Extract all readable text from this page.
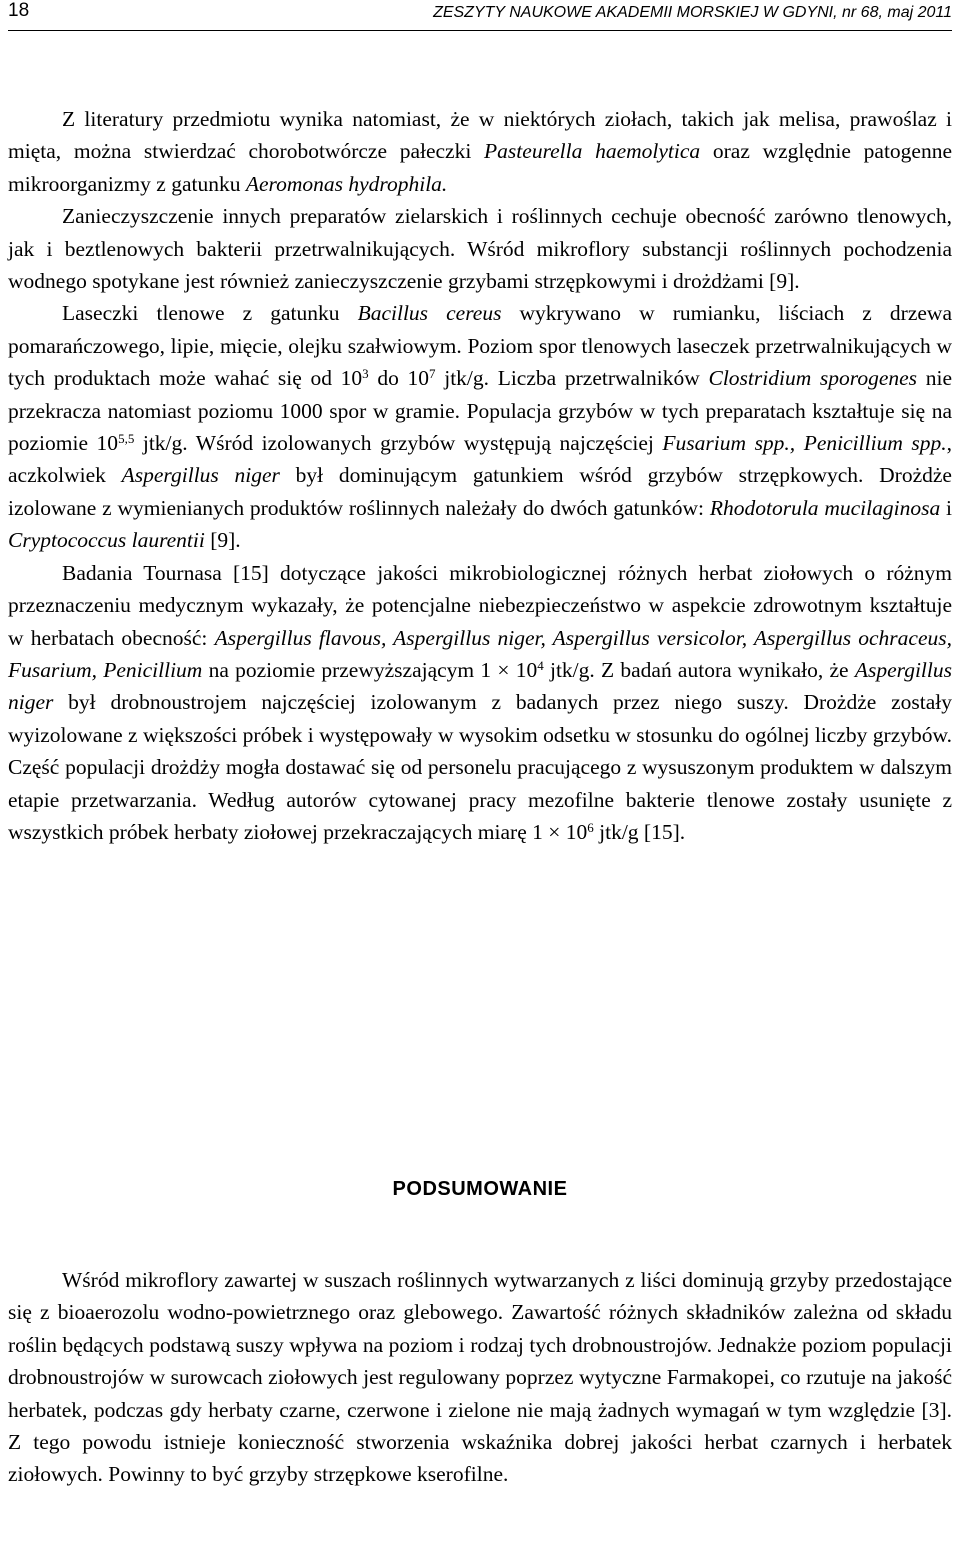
18	ZESZYTY NAUKOWE AKADEMII MORSKIEJ W GDYNI, nr 68, maj 2011

Z literatury przedmiotu wynika natomiast, że w niektórych ziołach, takich jak melisa, prawoślaz i mięta, można stwierdzać chorobotwórcze pałeczki Pasteurella haemolytica oraz względnie patogenne mikroorganizmy z gatunku Aeromonas hydrophila.

Zanieczyszczenie innych preparatów zielarskich i roślinnych cechuje obecność zarówno tlenowych, jak i beztlenowych bakterii przetrwalnikujących. Wśród mikroflory substancji roślinnych pochodzenia wodnego spotykane jest również zanieczyszczenie grzybami strzępkowymi i drożdżami [9].

Laseczki tlenowe z gatunku Bacillus cereus wykrywano w rumianku, liściach z drzewa pomarańczowego, lipie, mięcie, olejku szałwiowym. Poziom spor tlenowych laseczek przetrwalnikujących w tych produktach może wahać się od $10^3$ do $10^7$ jtk/g. Liczba przetrwalników Clostridium sporogenes nie przekracza natomiast poziomu 1000 spor w gramie. Populacja grzybów w tych preparatach kształtuje się na poziomie 10$^{5,5}$ jtk/g. Wśród izolowanych grzybów występują najczęściej Fusarium spp., Penicillium spp., aczkolwiek Aspergillus niger był dominującym gatunkiem wśród grzybów strzępkowych. Drożdże izolowane z wymienianych produktów roślinnych należały do dwóch gatunków: Rhodotorula mucilaginosa i Cryptococcus laurentii [9].

Badania Tournasa [15] dotyczące jakości mikrobiologicznej różnych herbat ziołowych o różnym przeznaczeniu medycznym wykazały, że potencjalne niebezpieczeństwo w aspekcie zdrowotnym kształtuje w herbatach obecność: Aspergillus flavous, Aspergillus niger, Aspergillus versicolor, Aspergillus ochraceus, Fusarium, Penicillium na poziomie przewyższającym $1 \times 10^4$ jtk/g. Z badań autora wynikało, że Aspergillus niger był drobnoustrojem najczęściej izolowanym z badanych przez niego suszy. Drożdże zostały wyizolowane z większości próbek i występowały w wysokim odsetku w stosunku do ogólnej liczby grzybów. Część populacji drożdży mogła dostawać się od personelu pracującego z wysuszonym produktem w dalszym etapie przetwarzania. Według autorów cytowanej pracy mezofilne bakterie tlenowe zostały usunięte z wszystkich próbek herbaty ziołowej przekraczających miarę $1 \times 10^6$ jtk/g [15].

PODSUMOWANIE

Wśród mikroflory zawartej w suszach roślinnych wytwarzanych z liści dominują grzyby przedostające się z bioaerozolu wodno-powietrznego oraz glebowego. Zawartość różnych składników zależna od składu roślin będących podstawą suszy wpływa na poziom i rodzaj tych drobnoustrojów. Jednakże poziom populacji drobnoustrojów w surowcach ziołowych jest regulowany poprzez wytyczne Farmakopei, co rzutuje na jakość herbatek, podczas gdy herbaty czarne, czerwone i zielone nie mają żadnych wymagań w tym względzie [3]. Z tego powodu istnieje konieczność stworzenia wskaźnika dobrej jakości herbat czarnych i herbatek ziołowych. Powinny to być grzyby strzępkowe kserofilne.
